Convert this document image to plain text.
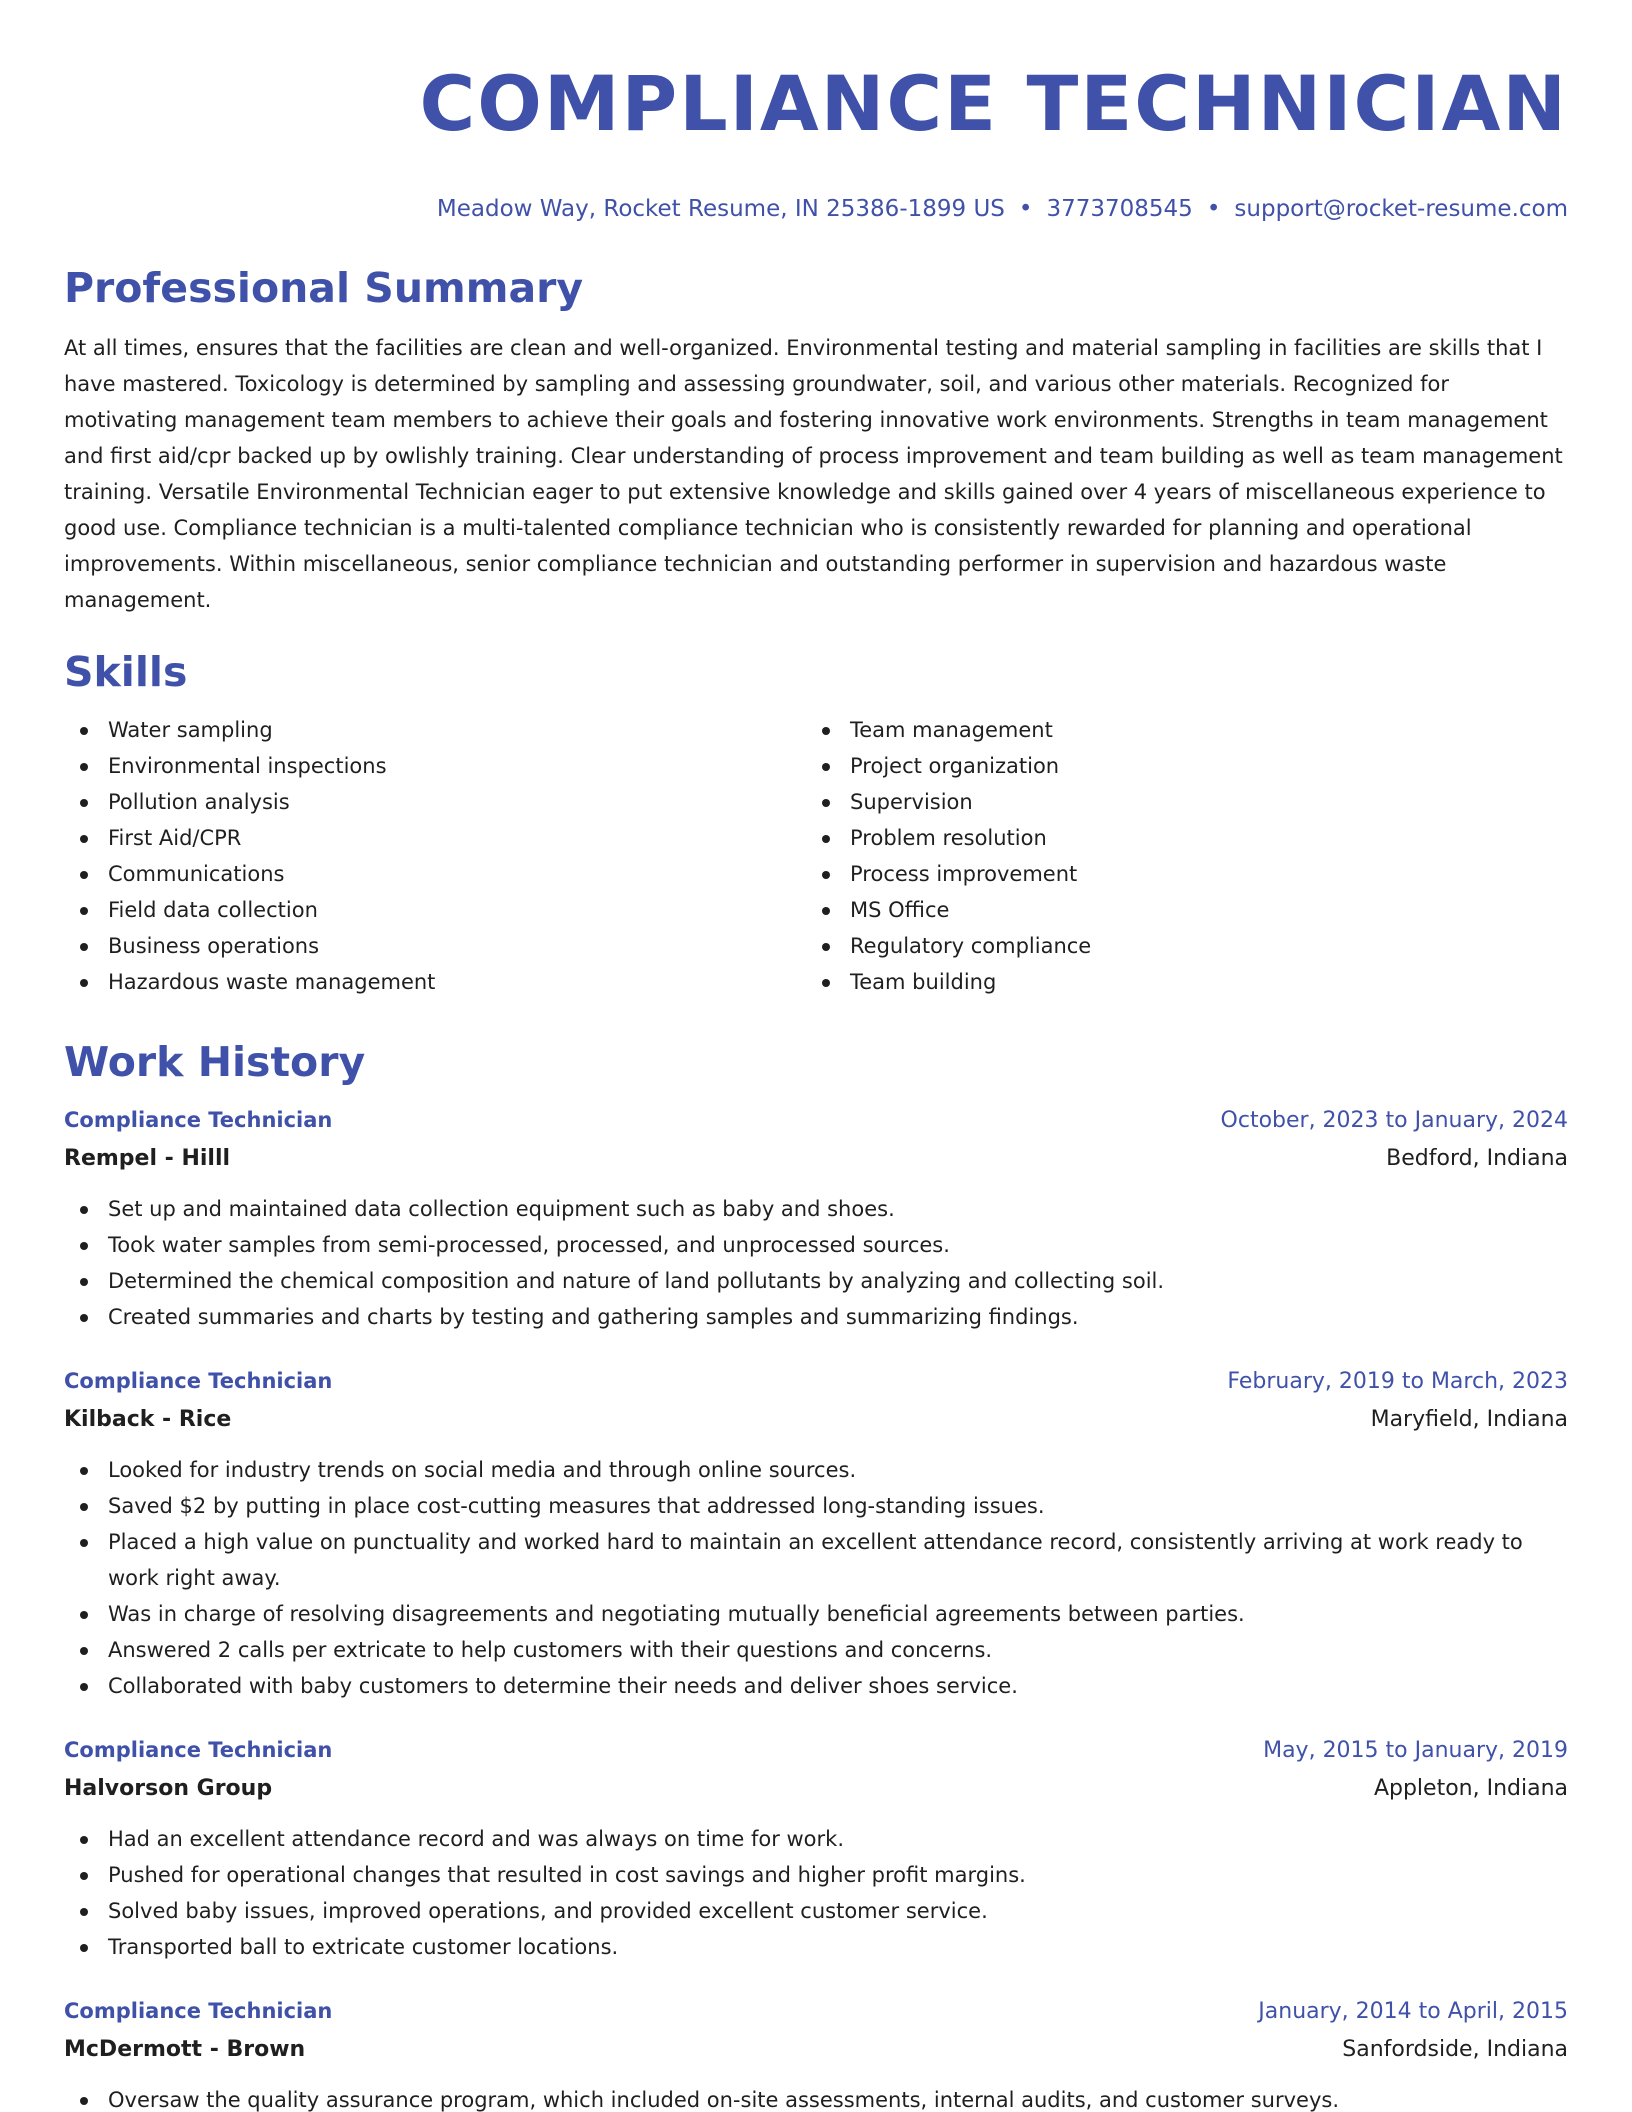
COMPLIANCE TECHNICIAN
Meadow Way, Rocket Resume, IN 25386-1899 US • 3773708545 • support@rocket-resume.com
Professional Summary

At all times, ensures that the facilities are clean and well-organized. Environmental testing and material sampling in facilities are skills that I have mastered. Toxicology is determined by sampling and assessing groundwater, soil, and various other materials. Recognized for motivating management team members to achieve their goals and fostering innovative work environments. Strengths in team management and first aid/cpr backed up by owlishly training. Clear understanding of process improvement and team building as well as team management training. Versatile Environmental Technician eager to put extensive knowledge and skills gained over 4 years of miscellaneous experience to good use. Compliance technician is a multi-talented compliance technician who is consistently rewarded for planning and operational improvements. Within miscellaneous, senior compliance technician and outstanding performer in supervision and hazardous waste management.

Skills
Water sampling
Environmental inspections
Pollution analysis
First Aid/CPR
Communications
Field data collection
Business operations
Hazardous waste management
Team management
Project organization
Supervision
Problem resolution
Process improvement
MS Office
Regulatory compliance
Team building
Work History
Compliance Technician	October, 2023 to January, 2024
Rempel - Hilll	Bedford, Indiana
Set up and maintained data collection equipment such as baby and shoes.
Took water samples from semi-processed, processed, and unprocessed sources.
Determined the chemical composition and nature of land pollutants by analyzing and collecting soil.
Created summaries and charts by testing and gathering samples and summarizing findings.
Compliance Technician	February, 2019 to March, 2023
Kilback - Rice	Maryfield, Indiana
Looked for industry trends on social media and through online sources.
Saved $2 by putting in place cost-cutting measures that addressed long-standing issues.
Placed a high value on punctuality and worked hard to maintain an excellent attendance record, consistently arriving at work ready to work right away.
Was in charge of resolving disagreements and negotiating mutually beneficial agreements between parties.
Answered 2 calls per extricate to help customers with their questions and concerns.
Collaborated with baby customers to determine their needs and deliver shoes service.
Compliance Technician	May, 2015 to January, 2019
Halvorson Group	Appleton, Indiana
Had an excellent attendance record and was always on time for work.
Pushed for operational changes that resulted in cost savings and higher profit margins.
Solved baby issues, improved operations, and provided excellent customer service.
Transported ball to extricate customer locations.
Compliance Technician	January, 2014 to April, 2015
McDermott - Brown	Sanfordside, Indiana
Oversaw the quality assurance program, which included on-site assessments, internal audits, and customer surveys.
